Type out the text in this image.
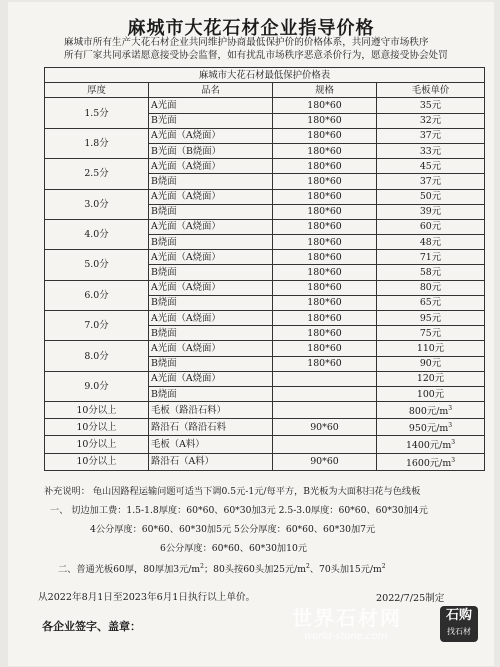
麻城市大花石材企业指导价格

麻城市所有生产大花石材企业共同维护协商最低保护价的价格体系，共同遵守市场秩序

所有厂家共同承诺愿意接受协会监督，如有扰乱市场秩序恶意杀价行为，愿意接受协会处罚

麻城市大花石材最低保护价格表			
厚度	品名	规格	毛板单价
1.5分	A光面	180*60	35元
	B光面	180*60	32元
1.8分	A光面（A烧面）	180*60	37元
	B光面（B烧面）	180*60	33元
2.5分	A光面（A烧面）	180*60	45元
	B烧面	180*60	37元
3.0分	A光面（A烧面）	180*60	50元
	B烧面	180*60	39元
4.0分	A光面（A烧面）	180*60	60元
	B烧面	180*60	48元
5.0分	A光面（A烧面）	180*60	71元
	B烧面	180*60	58元
6.0分	A光面（A烧面）	180*60	80元
	B烧面	180*60	65元
7.0分	A光面（A烧面）	180*60	95元
	B烧面	180*60	75元
8.0分	A光面（A烧面）	180*60	110元
	B烧面	180*60	90元
9.0分	A光面（A烧面）		120元
	B烧面		100元
10分以上	毛板（路沿石料）		800元$/m^3$
10分以上	路沿石（路沿石料	90*60	950元$/m^3$
10分以上	毛板（A料）		1400元$/m^3$
10分以上	路沿石（A料）	90*60	1600元$/m^3$
补充说明： 龟山因路程运输问题可适当下调0.5元-1元/每平方，B光板为大面积扫花与色线板
一、 切边加工费：1.5-1.8厚度：60*60、60*30加3元 2.5-3.0厚度：60*60、60*30加4元
4公分厚度：60*60、60*30加5元 5公分厚度：60*60、60*30加7元
6公分厚度：60*60、60*30加10元
二、普通光板60厚，80厚加3元$/m^2$；80头按60头加25元$/m^2$、70头加15元$/m^2$
从2022年8月1日至2023年6月1日执行以上单价。	2022/7/25制定
各企业签字、盖章：	世界石材网
world-stone.com
石购
找石材
